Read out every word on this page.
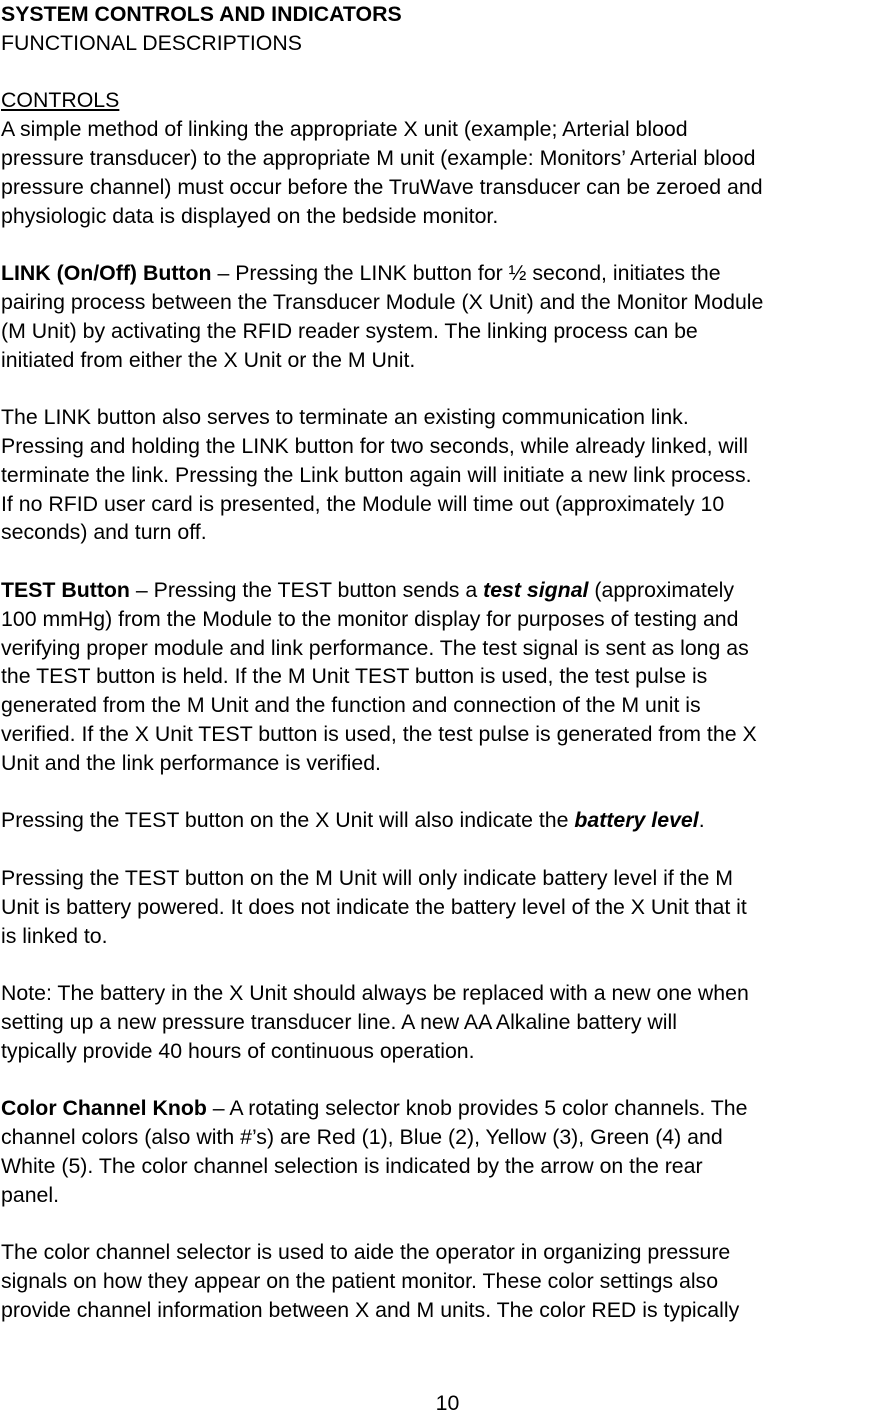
SYSTEM CONTROLS AND INDICATORS
FUNCTIONAL DESCRIPTIONS
CONTROLS
A simple method of linking the appropriate X unit (example; Arterial blood
pressure transducer) to the appropriate M unit (example: Monitors’ Arterial blood
pressure channel) must occur before the TruWave transducer can be zeroed and
physiologic data is displayed on the bedside monitor.
LINK (On/Off) Button – Pressing the LINK button for ½ second, initiates the
pairing process between the Transducer Module (X Unit) and the Monitor Module
(M Unit) by activating the RFID reader system. The linking process can be
initiated from either the X Unit or the M Unit.
The LINK button also serves to terminate an existing communication link.
Pressing and holding the LINK button for two seconds, while already linked, will
terminate the link. Pressing the Link button again will initiate a new link process.
If no RFID user card is presented, the Module will time out (approximately 10
seconds) and turn off.
TEST Button – Pressing the TEST button sends a test signal (approximately
100 mmHg) from the Module to the monitor display for purposes of testing and
verifying proper module and link performance. The test signal is sent as long as
the TEST button is held. If the M Unit TEST button is used, the test pulse is
generated from the M Unit and the function and connection of the M unit is
verified. If the X Unit TEST button is used, the test pulse is generated from the X
Unit and the link performance is verified.
Pressing the TEST button on the X Unit will also indicate the battery level.
Pressing the TEST button on the M Unit will only indicate battery level if the M
Unit is battery powered. It does not indicate the battery level of the X Unit that it
is linked to.
Note: The battery in the X Unit should always be replaced with a new one when
setting up a new pressure transducer line. A new AA Alkaline battery will
typically provide 40 hours of continuous operation.
Color Channel Knob – A rotating selector knob provides 5 color channels. The
channel colors (also with #’s) are Red (1), Blue (2), Yellow (3), Green (4) and
White (5). The color channel selection is indicated by the arrow on the rear
panel.
The color channel selector is used to aide the operator in organizing pressure
signals on how they appear on the patient monitor. These color settings also
provide channel information between X and M units. The color RED is typically
10
